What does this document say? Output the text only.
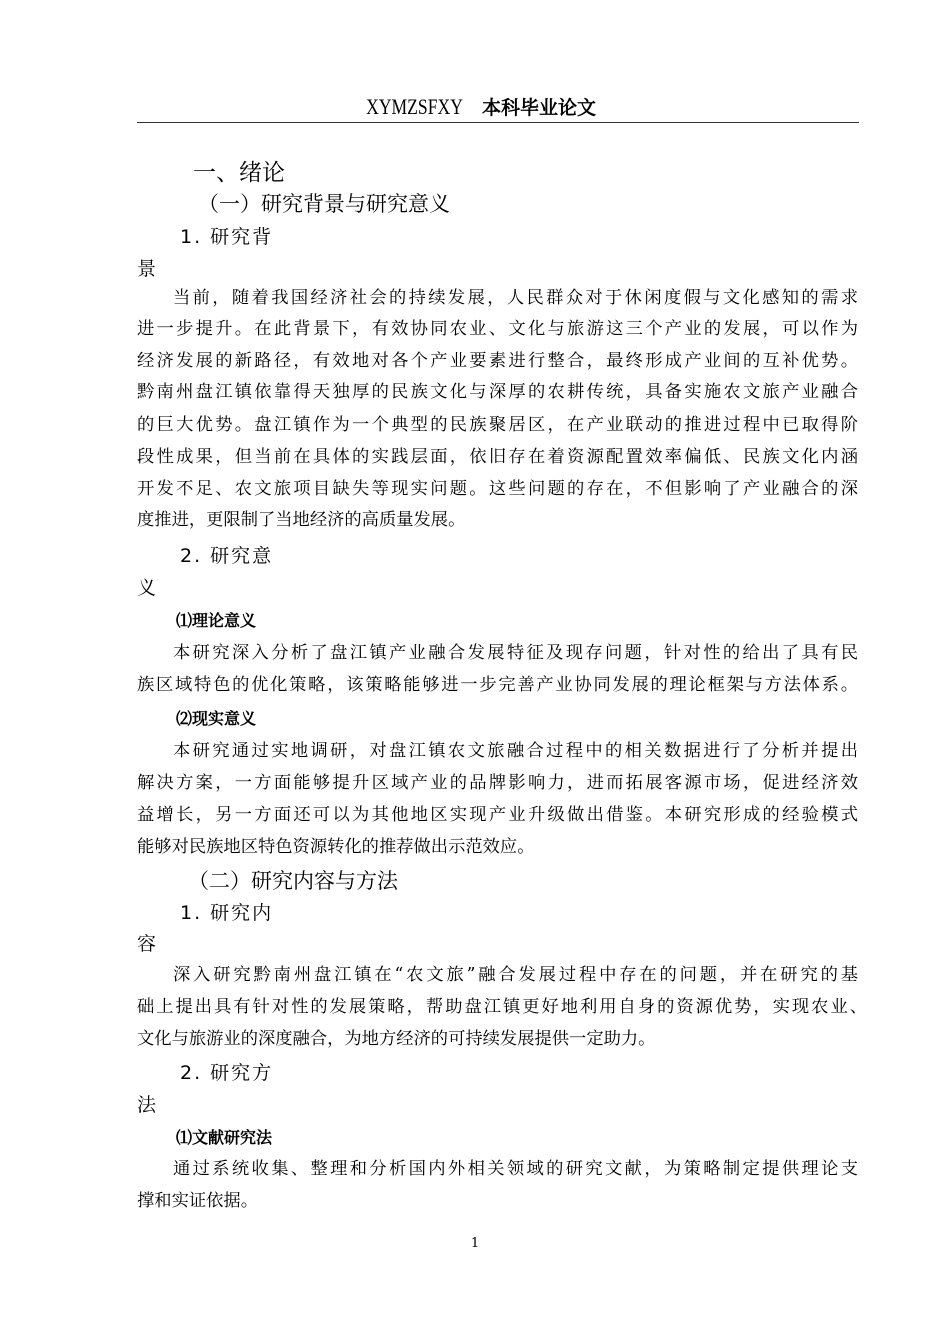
XYMZSFXY 本科毕业论文
一、绪论
（一）研究背景与研究意义
1. 研究背
景
当前，随着我国经济社会的持续发展，人民群众对于休闲度假与文化感知的需求
进一步提升。在此背景下，有效协同农业、文化与旅游这三个产业的发展，可以作为
经济发展的新路径，有效地对各个产业要素进行整合，最终形成产业间的互补优势。
黔南州盘江镇依靠得天独厚的民族文化与深厚的农耕传统，具备实施农文旅产业融合
的巨大优势。盘江镇作为一个典型的民族聚居区，在产业联动的推进过程中已取得阶
段性成果，但当前在具体的实践层面，依旧存在着资源配置效率偏低、民族文化内涵
开发不足、农文旅项目缺失等现实问题。这些问题的存在，不但影响了产业融合的深
度推进，更限制了当地经济的高质量发展。
2. 研究意
义
⑴理论意义
本研究深入分析了盘江镇产业融合发展特征及现存问题，针对性的给出了具有民
族区域特色的优化策略，该策略能够进一步完善产业协同发展的理论框架与方法体系。
⑵现实意义
本研究通过实地调研，对盘江镇农文旅融合过程中的相关数据进行了分析并提出
解决方案，一方面能够提升区域产业的品牌影响力，进而拓展客源市场，促进经济效
益增长，另一方面还可以为其他地区实现产业升级做出借鉴。本研究形成的经验模式
能够对民族地区特色资源转化的推荐做出示范效应。
（二）研究内容与方法
1. 研究内
容
深入研究黔南州盘江镇在“农文旅”融合发展过程中存在的问题，并在研究的基
础上提出具有针对性的发展策略，帮助盘江镇更好地利用自身的资源优势，实现农业、
文化与旅游业的深度融合，为地方经济的可持续发展提供一定助力。
2. 研究方
法
⑴文献研究法
通过系统收集、整理和分析国内外相关领域的研究文献，为策略制定提供理论支
撑和实证依据。
1
